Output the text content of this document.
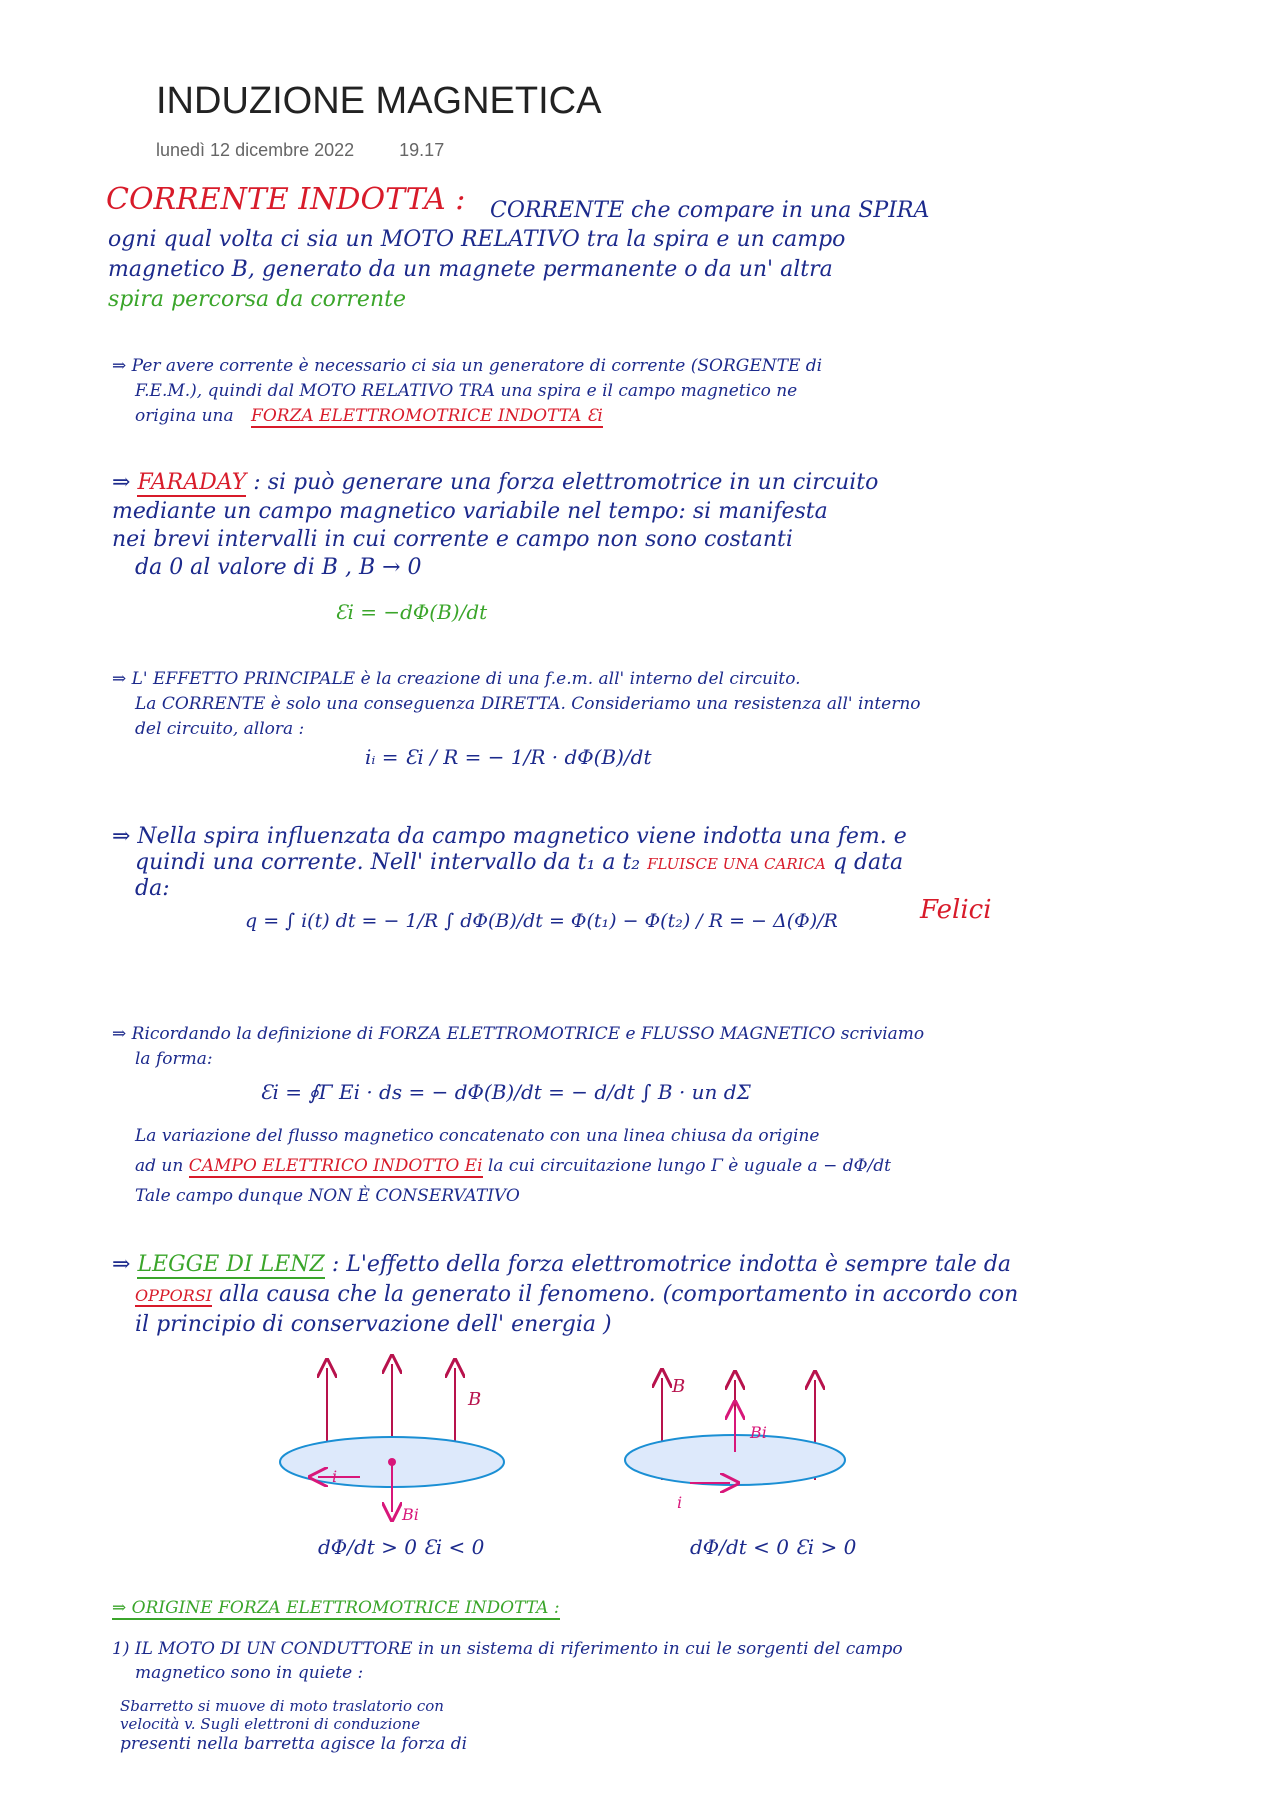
INDUZIONE MAGNETICA
lunedì 12 dicembre 2022	19.17
CORRENTE INDOTTA : CORRENTE che compare in una SPIRA
ogni qual volta ci sia un MOTO RELATIVO tra la spira e un campo
magnetico B, generato da un magnete permanente o da un' altra
spira percorsa da corrente
⇒ Per avere corrente è necessario ci sia un generatore di corrente (SORGENTE di
F.E.M.), quindi dal MOTO RELATIVO TRA una spira e il campo magnetico ne
origina una FORZA ELETTROMOTRICE INDOTTA Ɛi
⇒ FARADAY : si può generare una forza elettromotrice in un circuito
mediante un campo magnetico variabile nel tempo: si manifesta
nei brevi intervalli in cui corrente e campo non sono costanti
da 0 al valore di B , B → 0
Ɛi = −dΦ(B)/dt
⇒ L' EFFETTO PRINCIPALE è la creazione di una f.e.m. all' interno del circuito.
La CORRENTE è solo una conseguenza DIRETTA. Consideriamo una resistenza all' interno
del circuito, allora :
iᵢ = Ɛi / R = − 1/R · dΦ(B)/dt
⇒ Nella spira influenzata da campo magnetico viene indotta una fem. e
quindi una corrente. Nell' intervallo da t₁ a t₂ FLUISCE UNA CARICA q data
da:
q = ∫ i(t) dt = − 1/R ∫ dΦ(B)/dt = Φ(t₁) − Φ(t₂) / R = − Δ(Φ)/R	Felici
⇒ Ricordando la definizione di FORZA ELETTROMOTRICE e FLUSSO MAGNETICO scriviamo
la forma:
Ɛi = ∮Γ Ei · ds = − dΦ(B)/dt = − d/dt ∫ B · un dΣ
La variazione del flusso magnetico concatenato con una linea chiusa da origine
ad un CAMPO ELETTRICO INDOTTO Ei la cui circuitazione lungo Γ è uguale a − dΦ/dt
Tale campo dunque NON È CONSERVATIVO
⇒ LEGGE DI LENZ : L'effetto della forza elettromotrice indotta è sempre tale da
OPPORSI alla causa che la generato il fenomeno. (comportamento in accordo con
il principio di conservazione dell' energia )
B
i
Bi
dΦ/dt > 0 Ɛi < 0
B
Bi
i
dΦ/dt < 0 Ɛi > 0
⇒ ORIGINE FORZA ELETTROMOTRICE INDOTTA :
1) IL MOTO DI UN CONDUTTORE in un sistema di riferimento in cui le sorgenti del campo
magnetico sono in quiete :
Sbarretto si muove di moto traslatorio con
velocità v. Sugli elettroni di conduzione
presenti nella barretta agisce la forza di
